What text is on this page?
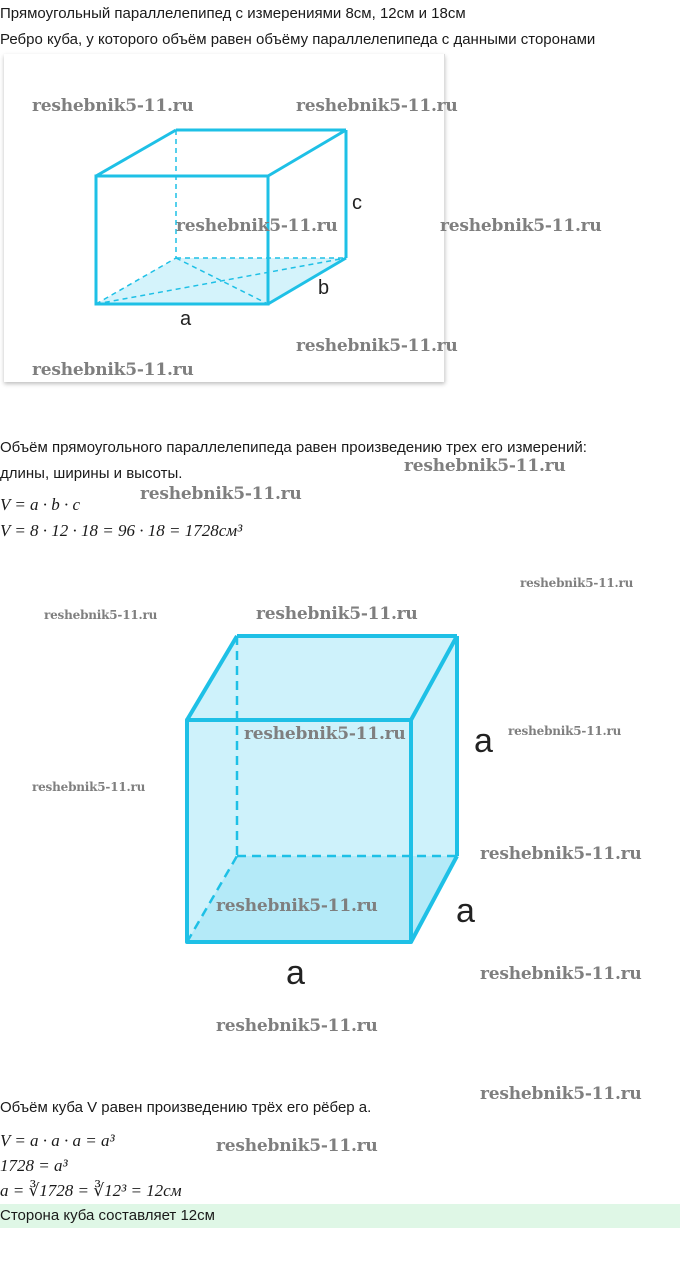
Прямоугольный параллелепипед с измерениями 8см, 12см и 18см
Ребро куба, у которого объём равен объёму параллелепипеда с данными сторонами
c
b
a
Объём прямоугольного параллелепипеда равен произведению трех его измерений:
длины, ширины и высоты.
V = a · b · c
V = 8 · 12 · 18 = 96 · 18 = 1728см³
a
a
a
Объём куба V равен произведению трёх его рёбер a.
V = a · a · a = a³
1728 = a³
a = ∛1728 = ∛12³ = 12см
Сторона куба составляет 12см
reshebnik5-11.ru	reshebnik5-11.ru
reshebnik5-11.ru	reshebnik5-11.ru
reshebnik5-11.ru
reshebnik5-11.ru
reshebnik5-11.ru
reshebnik5-11.ru
reshebnik5-11.ru
reshebnik5-11.ru	reshebnik5-11.ru
reshebnik5-11.ru	reshebnik5-11.ru
reshebnik5-11.ru
reshebnik5-11.ru
reshebnik5-11.ru
reshebnik5-11.ru
reshebnik5-11.ru
reshebnik5-11.ru
reshebnik5-11.ru
